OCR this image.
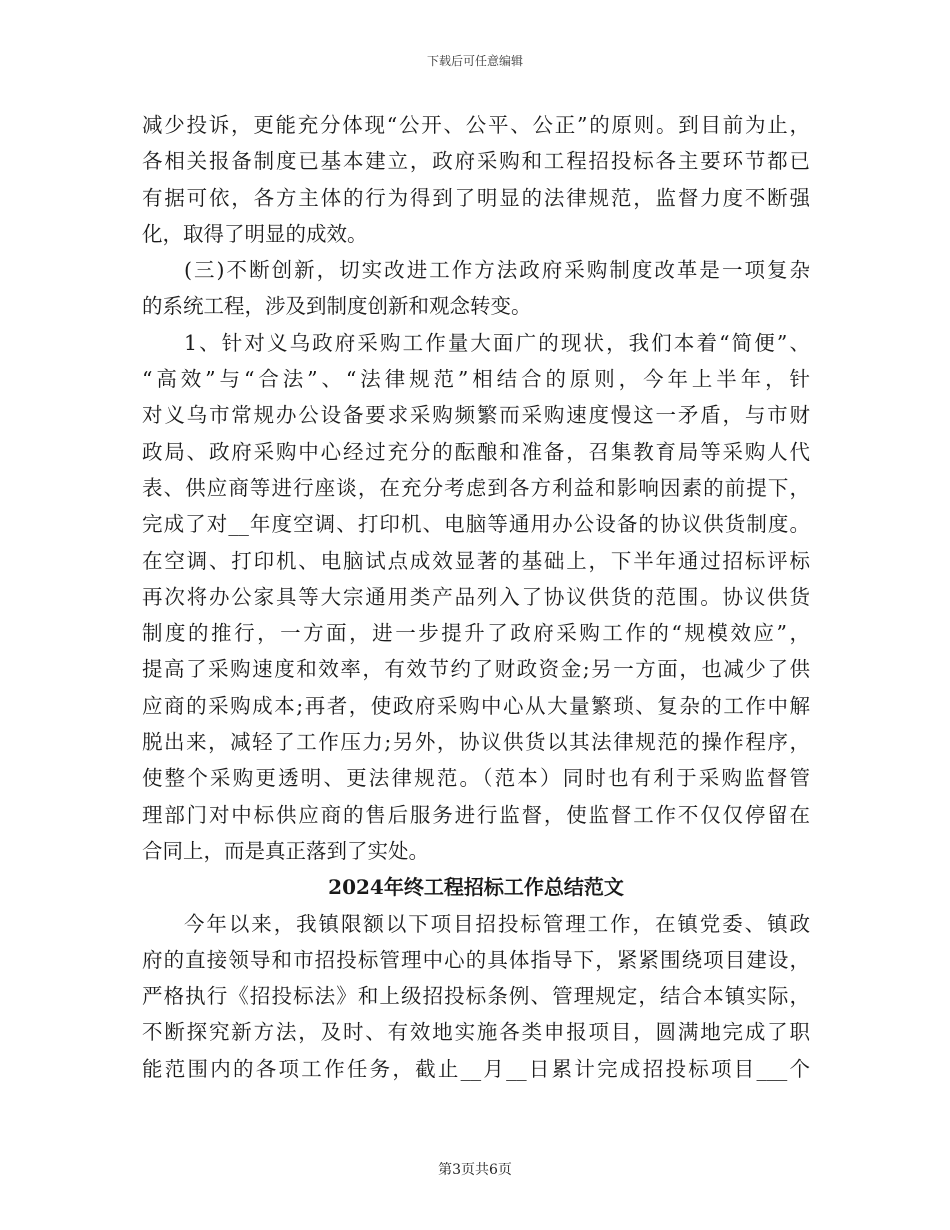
下载后可任意编辑
减少投诉，更能充分体现“公开、公平、公正”的原则。到目前为止，
各相关报备制度已基本建立，政府采购和工程招投标各主要环节都已
有据可依，各方主体的行为得到了明显的法律规范，监督力度不断强
化，取得了明显的成效。
(三)不断创新，切实改进工作方法政府采购制度改革是一项复杂
的系统工程，涉及到制度创新和观念转变。
1、针对义乌政府采购工作量大面广的现状，我们本着“简便”、
“高效”与“合法”、“法律规范”相结合的原则，今年上半年，针
对义乌市常规办公设备要求采购频繁而采购速度慢这一矛盾，与市财
政局、政府采购中心经过充分的酝酿和准备，召集教育局等采购人代
表、供应商等进行座谈，在充分考虑到各方利益和影响因素的前提下，
完成了对__年度空调、打印机、电脑等通用办公设备的协议供货制度。
在空调、打印机、电脑试点成效显著的基础上，下半年通过招标评标
再次将办公家具等大宗通用类产品列入了协议供货的范围。协议供货
制度的推行，一方面，进一步提升了政府采购工作的“规模效应”，
提高了采购速度和效率，有效节约了财政资金;另一方面，也减少了供
应商的采购成本;再者，使政府采购中心从大量繁琐、复杂的工作中解
脱出来，减轻了工作压力;另外，协议供货以其法律规范的操作程序，
使整个采购更透明、更法律规范。（范本）同时也有利于采购监督管
理部门对中标供应商的售后服务进行监督，使监督工作不仅仅停留在
合同上，而是真正落到了实处。
2024年终工程招标工作总结范文
今年以来，我镇限额以下项目招投标管理工作，在镇党委、镇政
府的直接领导和市招投标管理中心的具体指导下，紧紧围绕项目建设，
严格执行《招投标法》和上级招投标条例、管理规定，结合本镇实际，
不断探究新方法，及时、有效地实施各类申报项目，圆满地完成了职
能范围内的各项工作任务，截止__月__日累计完成招投标项目___个
第3页共6页
